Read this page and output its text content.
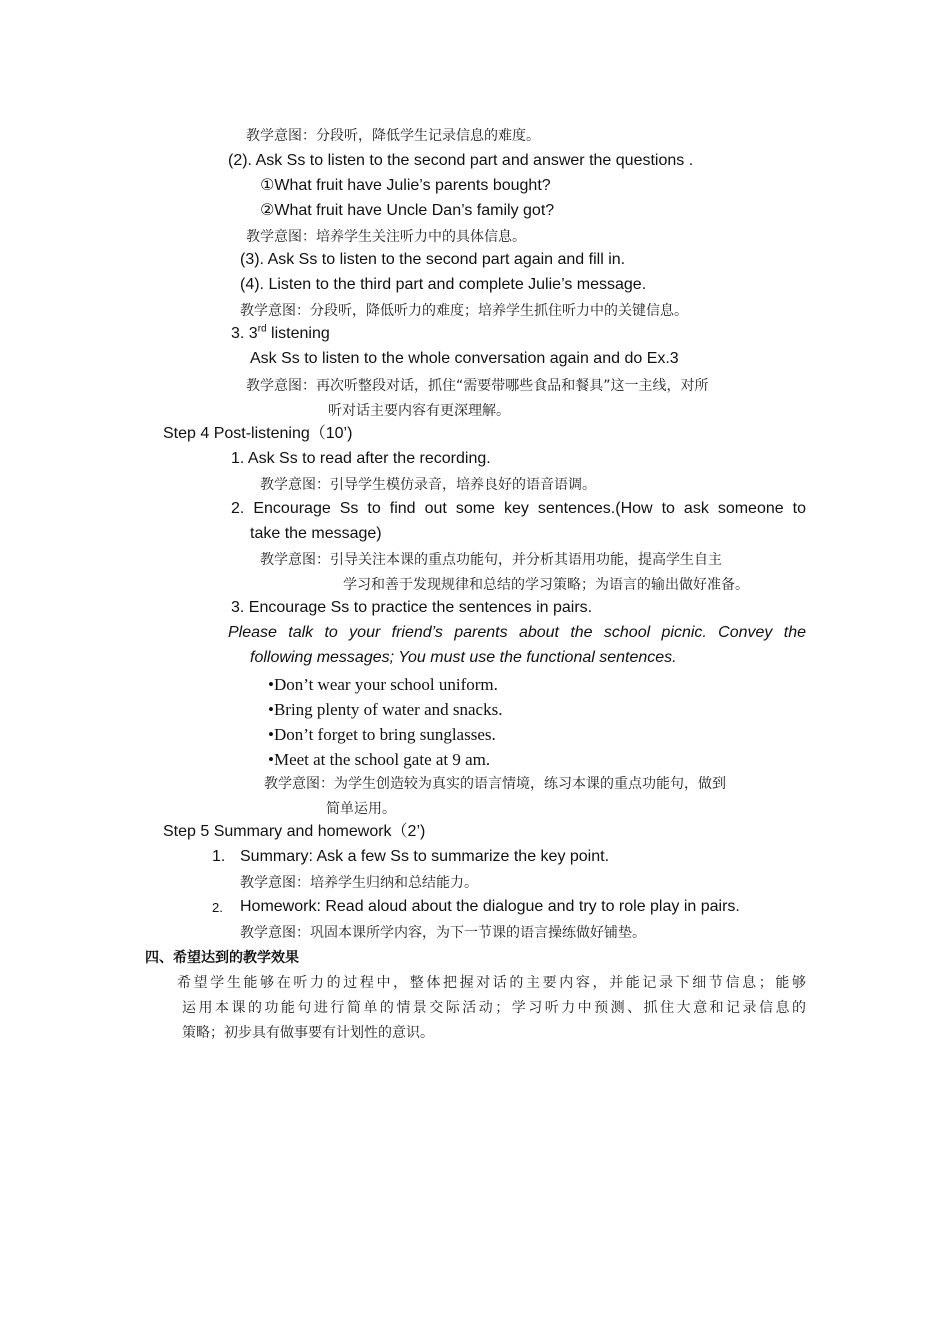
教学意图：分段听，降低学生记录信息的难度。
(2). Ask Ss to listen to the second part and answer the questions .
①What fruit have Julie’s parents bought?
②What fruit have Uncle Dan’s family got?
教学意图：培养学生关注听力中的具体信息。
(3). Ask Ss to listen to the second part again and fill in.
(4). Listen to the third part and complete Julie’s message.
教学意图：分段听，降低听力的难度；培养学生抓住听力中的关键信息。
3. 3rd listening
Ask Ss to listen to the whole conversation again and do Ex.3
教学意图：再次听整段对话，抓住“需要带哪些食品和餐具”这一主线，对所
听对话主要内容有更深理解。
Step 4 Post-listening（10’)
1. Ask Ss to read after the recording.
教学意图：引导学生模仿录音，培养良好的语音语调。
2. Encourage Ss to find out some key sentences.(How to ask someone to
take the message)
教学意图：引导关注本课的重点功能句，并分析其语用功能，提高学生自主
学习和善于发现规律和总结的学习策略；为语言的输出做好准备。
3. Encourage Ss to practice the sentences in pairs.
Please talk to your friend’s parents about the school picnic. Convey the
following messages; You must use the functional sentences.
•Don’t wear your school uniform.
•Bring plenty of water and snacks.
•Don’t forget to bring sunglasses.
•Meet at the school gate at 9 am.
教学意图：为学生创造较为真实的语言情境，练习本课的重点功能句，做到
简单运用。
Step 5 Summary and homework（2’)
1. Summary: Ask a few Ss to summarize the key point.
教学意图：培养学生归纳和总结能力。
2. Homework: Read aloud about the dialogue and try to role play in pairs.
教学意图：巩固本课所学内容，为下一节课的语言操练做好铺垫。
四、希望达到的教学效果
希望学生能够在听力的过程中，整体把握对话的主要内容，并能记录下细节信息；能够
运用本课的功能句进行简单的情景交际活动；学习听力中预测、抓住大意和记录信息的
策略；初步具有做事要有计划性的意识。
